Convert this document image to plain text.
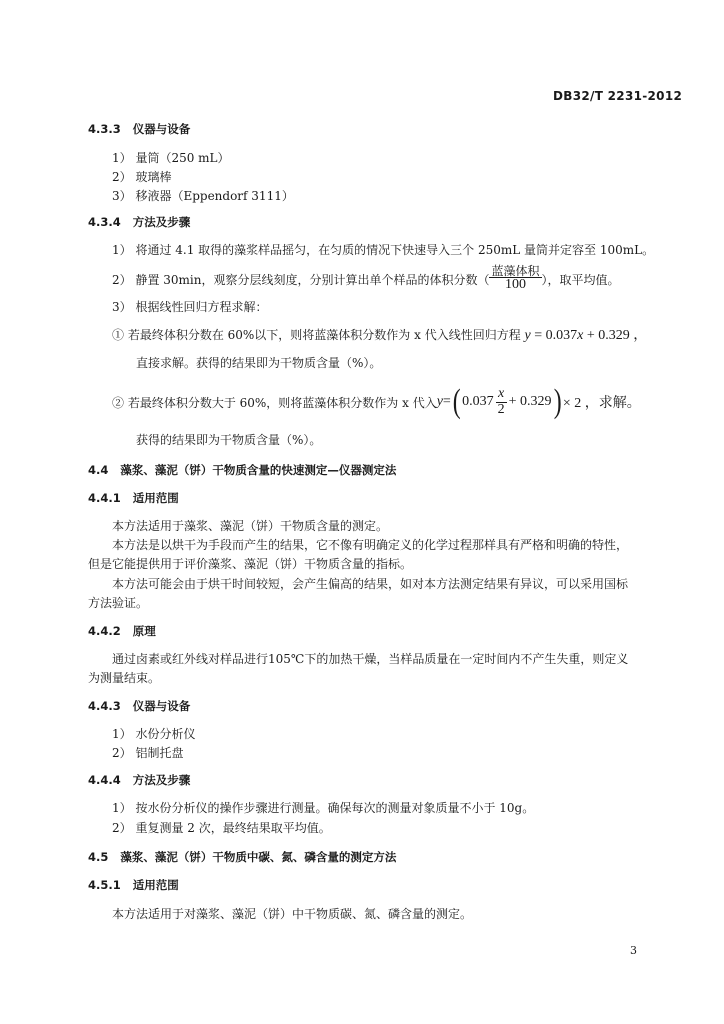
DB32/T 2231-2012
4.3.3 仪器与设备
1） 量筒（250 mL）
2） 玻璃棒
3） 移液器（Eppendorf 3111）
4.3.4 方法及步骤
1） 将通过 4.1 取得的藻浆样品摇匀，在匀质的情况下快速导入三个 250mL 量筒并定容至 100mL。
2） 静置 30min，观察分层线刻度，分别计算出单个样品的体积分数（ $\frac{\text{蓝藻体积}}{100}$ ），取平均值。
3） 根据线性回归方程求解：
① 若最终体积分数在 60%以下，则将蓝藻体积分数作为 x 代入线性回归方程 y = 0.037x + 0.329 ，
直接求解。获得的结果即为干物质含量（%）。
② 若最终体积分数大于 60%，则将蓝藻体积分数作为 x 代入 y = ( $0.037 \frac{x}{2} + 0.329$ ) × 2 ，求解。
获得的结果即为干物质含量（%）。
4.4 藻浆、藻泥（饼）干物质含量的快速测定—仪器测定法
4.4.1 适用范围
本方法适用于藻浆、藻泥（饼）干物质含量的测定。
本方法是以烘干为手段而产生的结果，它不像有明确定义的化学过程那样具有严格和明确的特性，
但是它能提供用于评价藻浆、藻泥（饼）干物质含量的指标。
本方法可能会由于烘干时间较短，会产生偏高的结果，如对本方法测定结果有异议，可以采用国标
方法验证。
4.4.2 原理
通过卤素或红外线对样品进行105℃下的加热干燥，当样品质量在一定时间内不产生失重，则定义
为测量结束。
4.4.3 仪器与设备
1） 水份分析仪
2） 铝制托盘
4.4.4 方法及步骤
1） 按水份分析仪的操作步骤进行测量。确保每次的测量对象质量不小于 10g。
2） 重复测量 2 次，最终结果取平均值。
4.5 藻浆、藻泥（饼）干物质中碳、氮、磷含量的测定方法
4.5.1 适用范围
本方法适用于对藻浆、藻泥（饼）中干物质碳、氮、磷含量的测定。
3
